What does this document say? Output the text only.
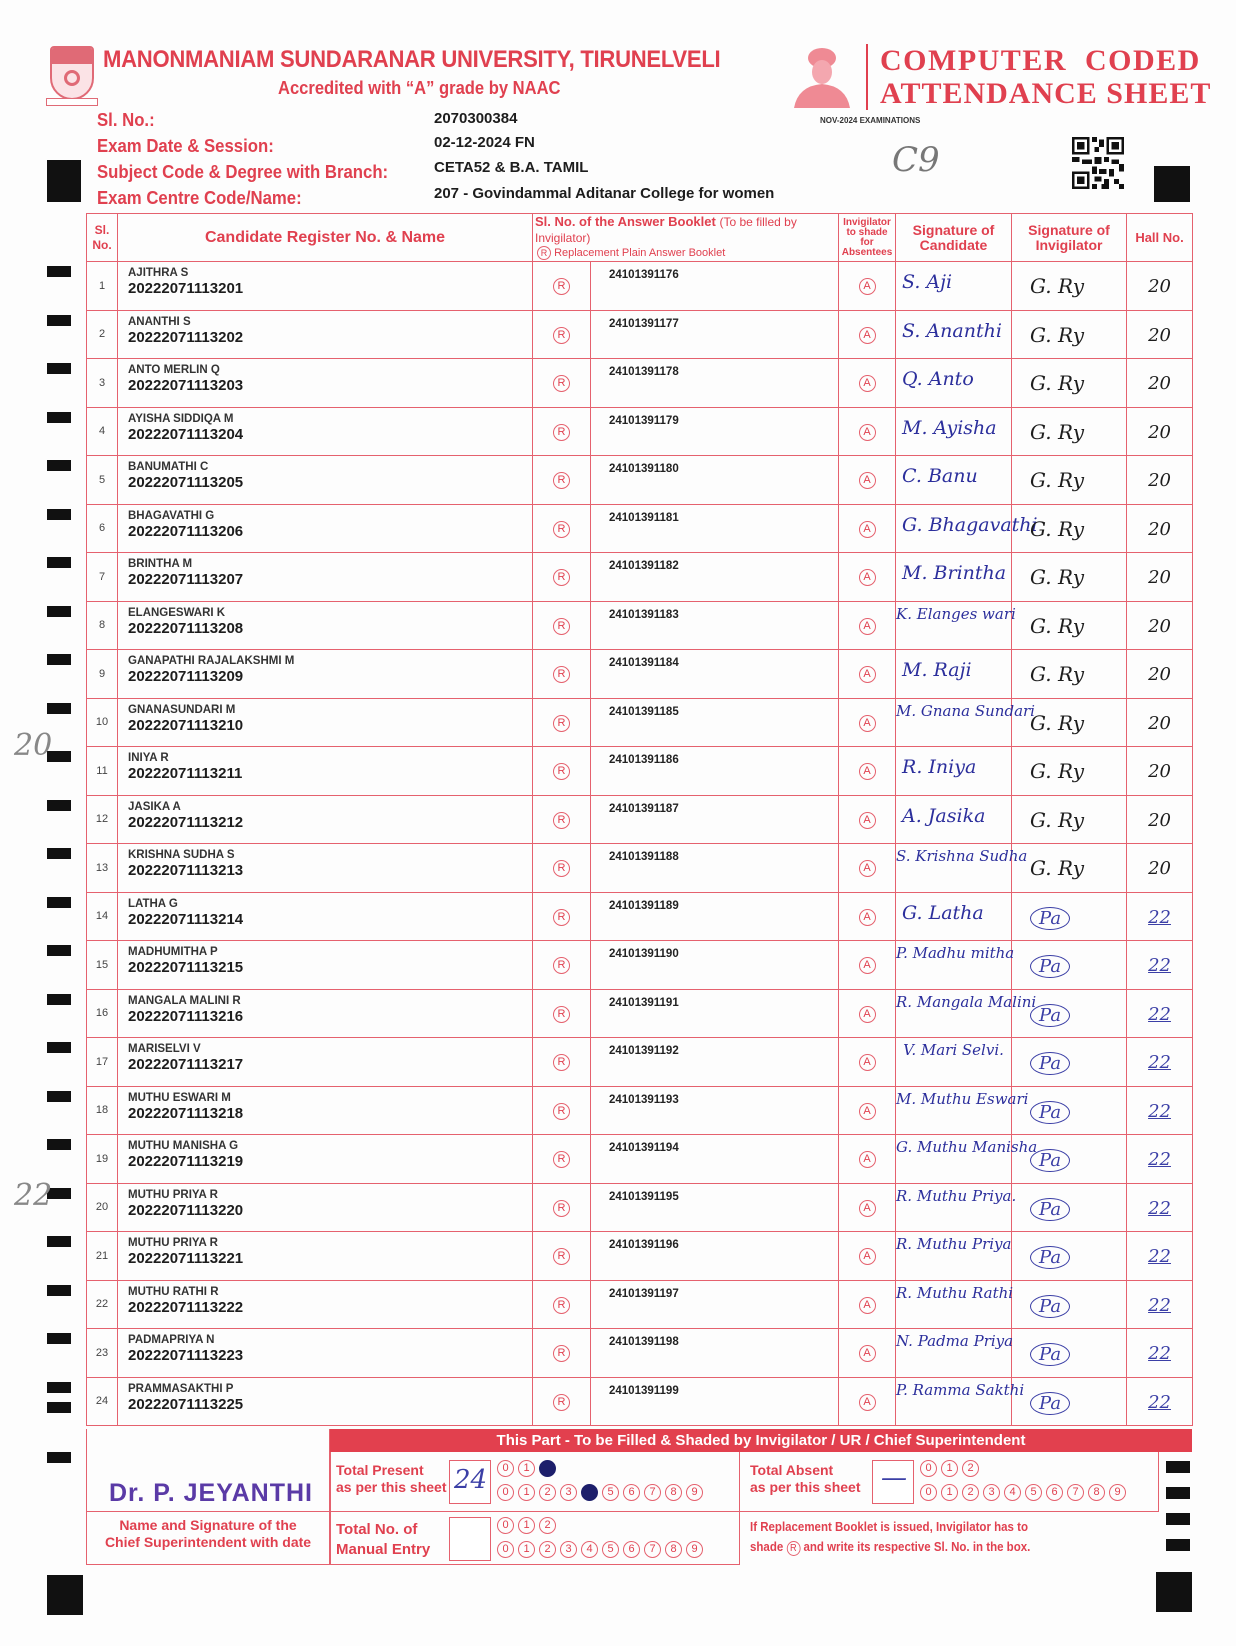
MANONMANIAM SUNDARANAR UNIVERSITY, TIRUNELVELI
Accredited with “A” grade by NAAC
COMPUTER  CODED
ATTENDANCE SHEET
NOV-2024 EXAMINATIONS
Sl. No.:	2070300384
Exam Date & Session:	02-12-2024 FN
Subject Code & Degree with Branch:	CETA52 & B.A. TAMIL
Exam Centre Code/Name:	207 - Govindammal Aditanar College for women
C9
Sl. No.	Candidate Register No. & Name	Sl. No. of the Answer Booklet (To be filled by Invigilator)
R Replacement Plain Answer Booklet		Invigilator to shade for Absentees	Signature of Candidate	Signature of Invigilator	Hall No.
1	AJITHRA S
20222071113201	R	24101391176	A	S. Aji	G. Ry	20

2	ANANTHI S
20222071113202	R	24101391177	A	S. Ananthi	G. Ry	20

3	ANTO MERLIN Q
20222071113203	R	24101391178	A	Q. Anto	G. Ry	20

4	AYISHA SIDDIQA M
20222071113204	R	24101391179	A	M. Ayisha	G. Ry	20

5	BANUMATHI C
20222071113205	R	24101391180	A	C. Banu	G. Ry	20

6	BHAGAVATHI G
20222071113206	R	24101391181	A	G. Bhagavathi	G. Ry	20

7	BRINTHA M
20222071113207	R	24101391182	A	M. Brintha	G. Ry	20

8	ELANGESWARI K
20222071113208	R	24101391183	A	K. Elanges wari	G. Ry	20

9	GANAPATHI RAJALAKSHMI M
20222071113209	R	24101391184	A	M. Raji	G. Ry	20

10	GNANASUNDARI M
20222071113210	R	24101391185	A	M. Gnana Sundari	G. Ry	20

11	INIYA R
20222071113211	R	24101391186	A	R. Iniya	G. Ry	20

12	JASIKA A
20222071113212	R	24101391187	A	A. Jasika	G. Ry	20

13	KRISHNA SUDHA S
20222071113213	R	24101391188	A	S. Krishna Sudha	G. Ry	20

14	LATHA G
20222071113214	R	24101391189	A	G. Latha	Pa	22

15	MADHUMITHA P
20222071113215	R	24101391190	A	P. Madhu mitha	Pa	22

16	MANGALA MALINI R
20222071113216	R	24101391191	A	R. Mangala Malini	Pa	22

17	MARISELVI V
20222071113217	R	24101391192	A	V. Mari Selvi.	Pa	22

18	MUTHU ESWARI M
20222071113218	R	24101391193	A	M. Muthu Eswari	Pa	22

19	MUTHU MANISHA G
20222071113219	R	24101391194	A	G. Muthu Manisha	Pa	22

20	MUTHU PRIYA R
20222071113220	R	24101391195	A	R. Muthu Priya.	Pa	22

21	MUTHU PRIYA R
20222071113221	R	24101391196	A	R. Muthu Priya	Pa	22

22	MUTHU RATHI R
20222071113222	R	24101391197	A	R. Muthu Rathi	Pa	22

23	PADMAPRIYA N
20222071113223	R	24101391198	A	N. Padma Priya	Pa	22

24	PRAMMASAKTHI P
20222071113225	R	24101391199	A	P. Ramma Sakthi	Pa	22
20
22
Dr. P. JEYANTHI
Name and Signature of the
Chief Superintendent with date
This Part - To be Filled & Shaded by Invigilator / UR / Chief Superintendent
Total Present
as per this sheet 24	0	1
0	1	2	3	5	6	7	8	9
Total Absent
as per this sheet —	0	1	2
0	1	2	3	4	5	6	7	8	9
Total No. of
Manual Entry
0	1	2
0	1	2	3	4	5	6	7	8	9
If Replacement Booklet is issued, Invigilator has to
shade R and write its respective Sl. No. in the box.
